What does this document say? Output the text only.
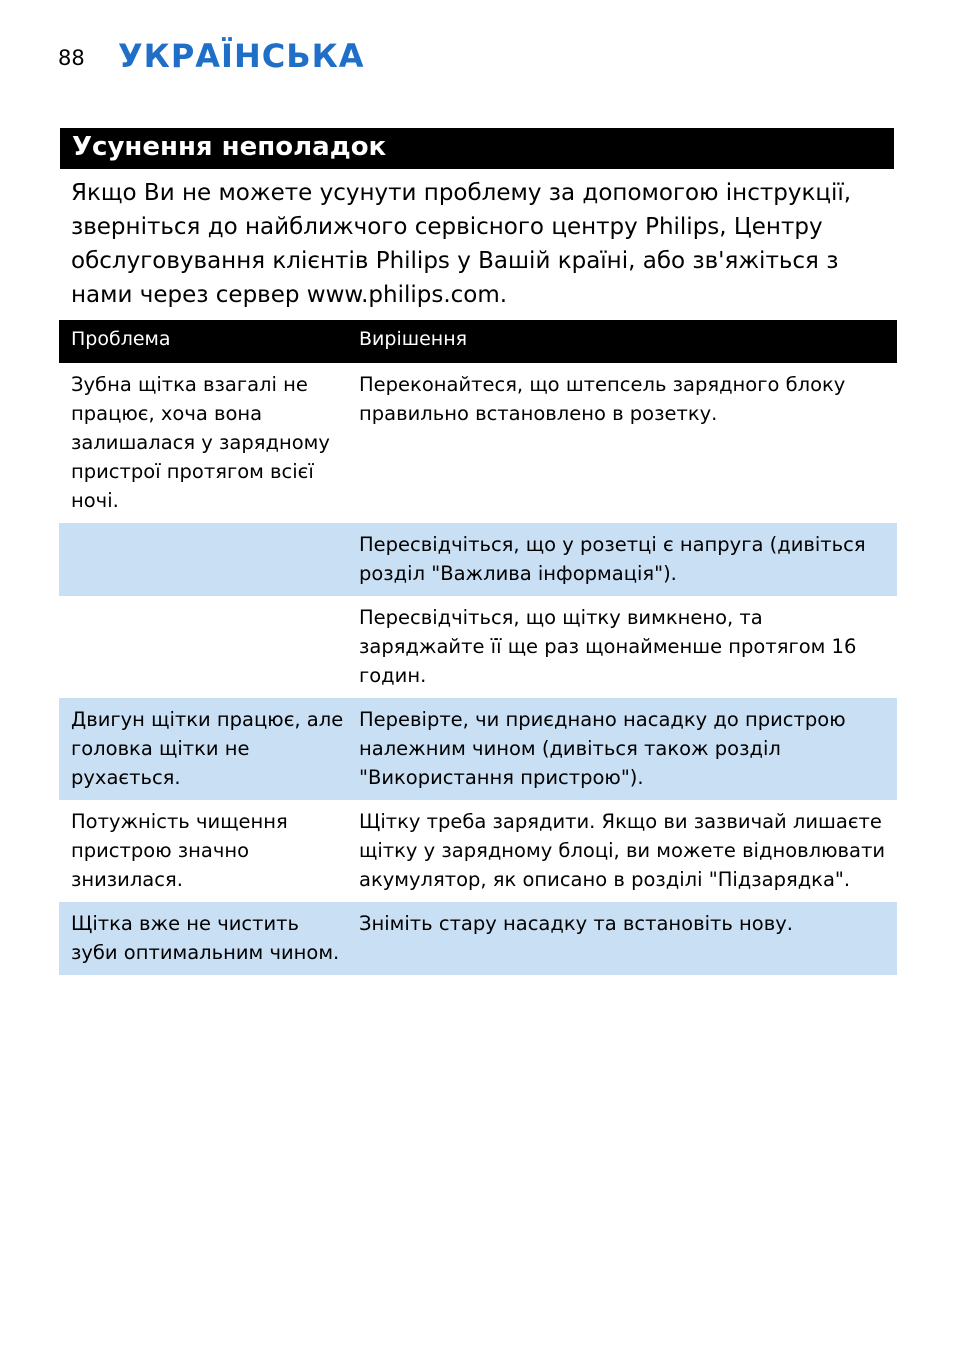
88 УКРАЇНСЬКА
Усунення неполадок

Якщо Ви не можете усунути проблему за допомогою інструкції, зверніться до найближчого сервісного центру Philips, Центру обслуговування клієнтів Philips у Вашій країні, або зв'яжіться з нами через сервер www.philips.com.

Проблема	Вирішення
Зубна щітка взагалі не працює, хоча вона залишалася у зарядному пристрої протягом всієї ночі.	Переконайтеся, що штепсель зарядного блоку правильно встановлено в розетку.
	Пересвідчіться, що у розетці є напруга (дивіться розділ "Важлива інформація").
	Пересвідчіться, що щітку вимкнено, та заряджайте її ще раз щонайменше протягом 16 годин.
Двигун щітки працює, але головка щітки не рухається.	Перевірте, чи приєднано насадку до пристрою належним чином (дивіться також розділ "Використання пристрою").
Потужність чищення пристрою значно знизилася.	Щітку треба зарядити. Якщо ви зазвичай лишаєте щітку у зарядному блоці, ви можете відновлювати акумулятор, як описано в розділі "Підзарядка".
Щітка вже не чистить зуби оптимальним чином.	Зніміть стару насадку та встановіть нову.
